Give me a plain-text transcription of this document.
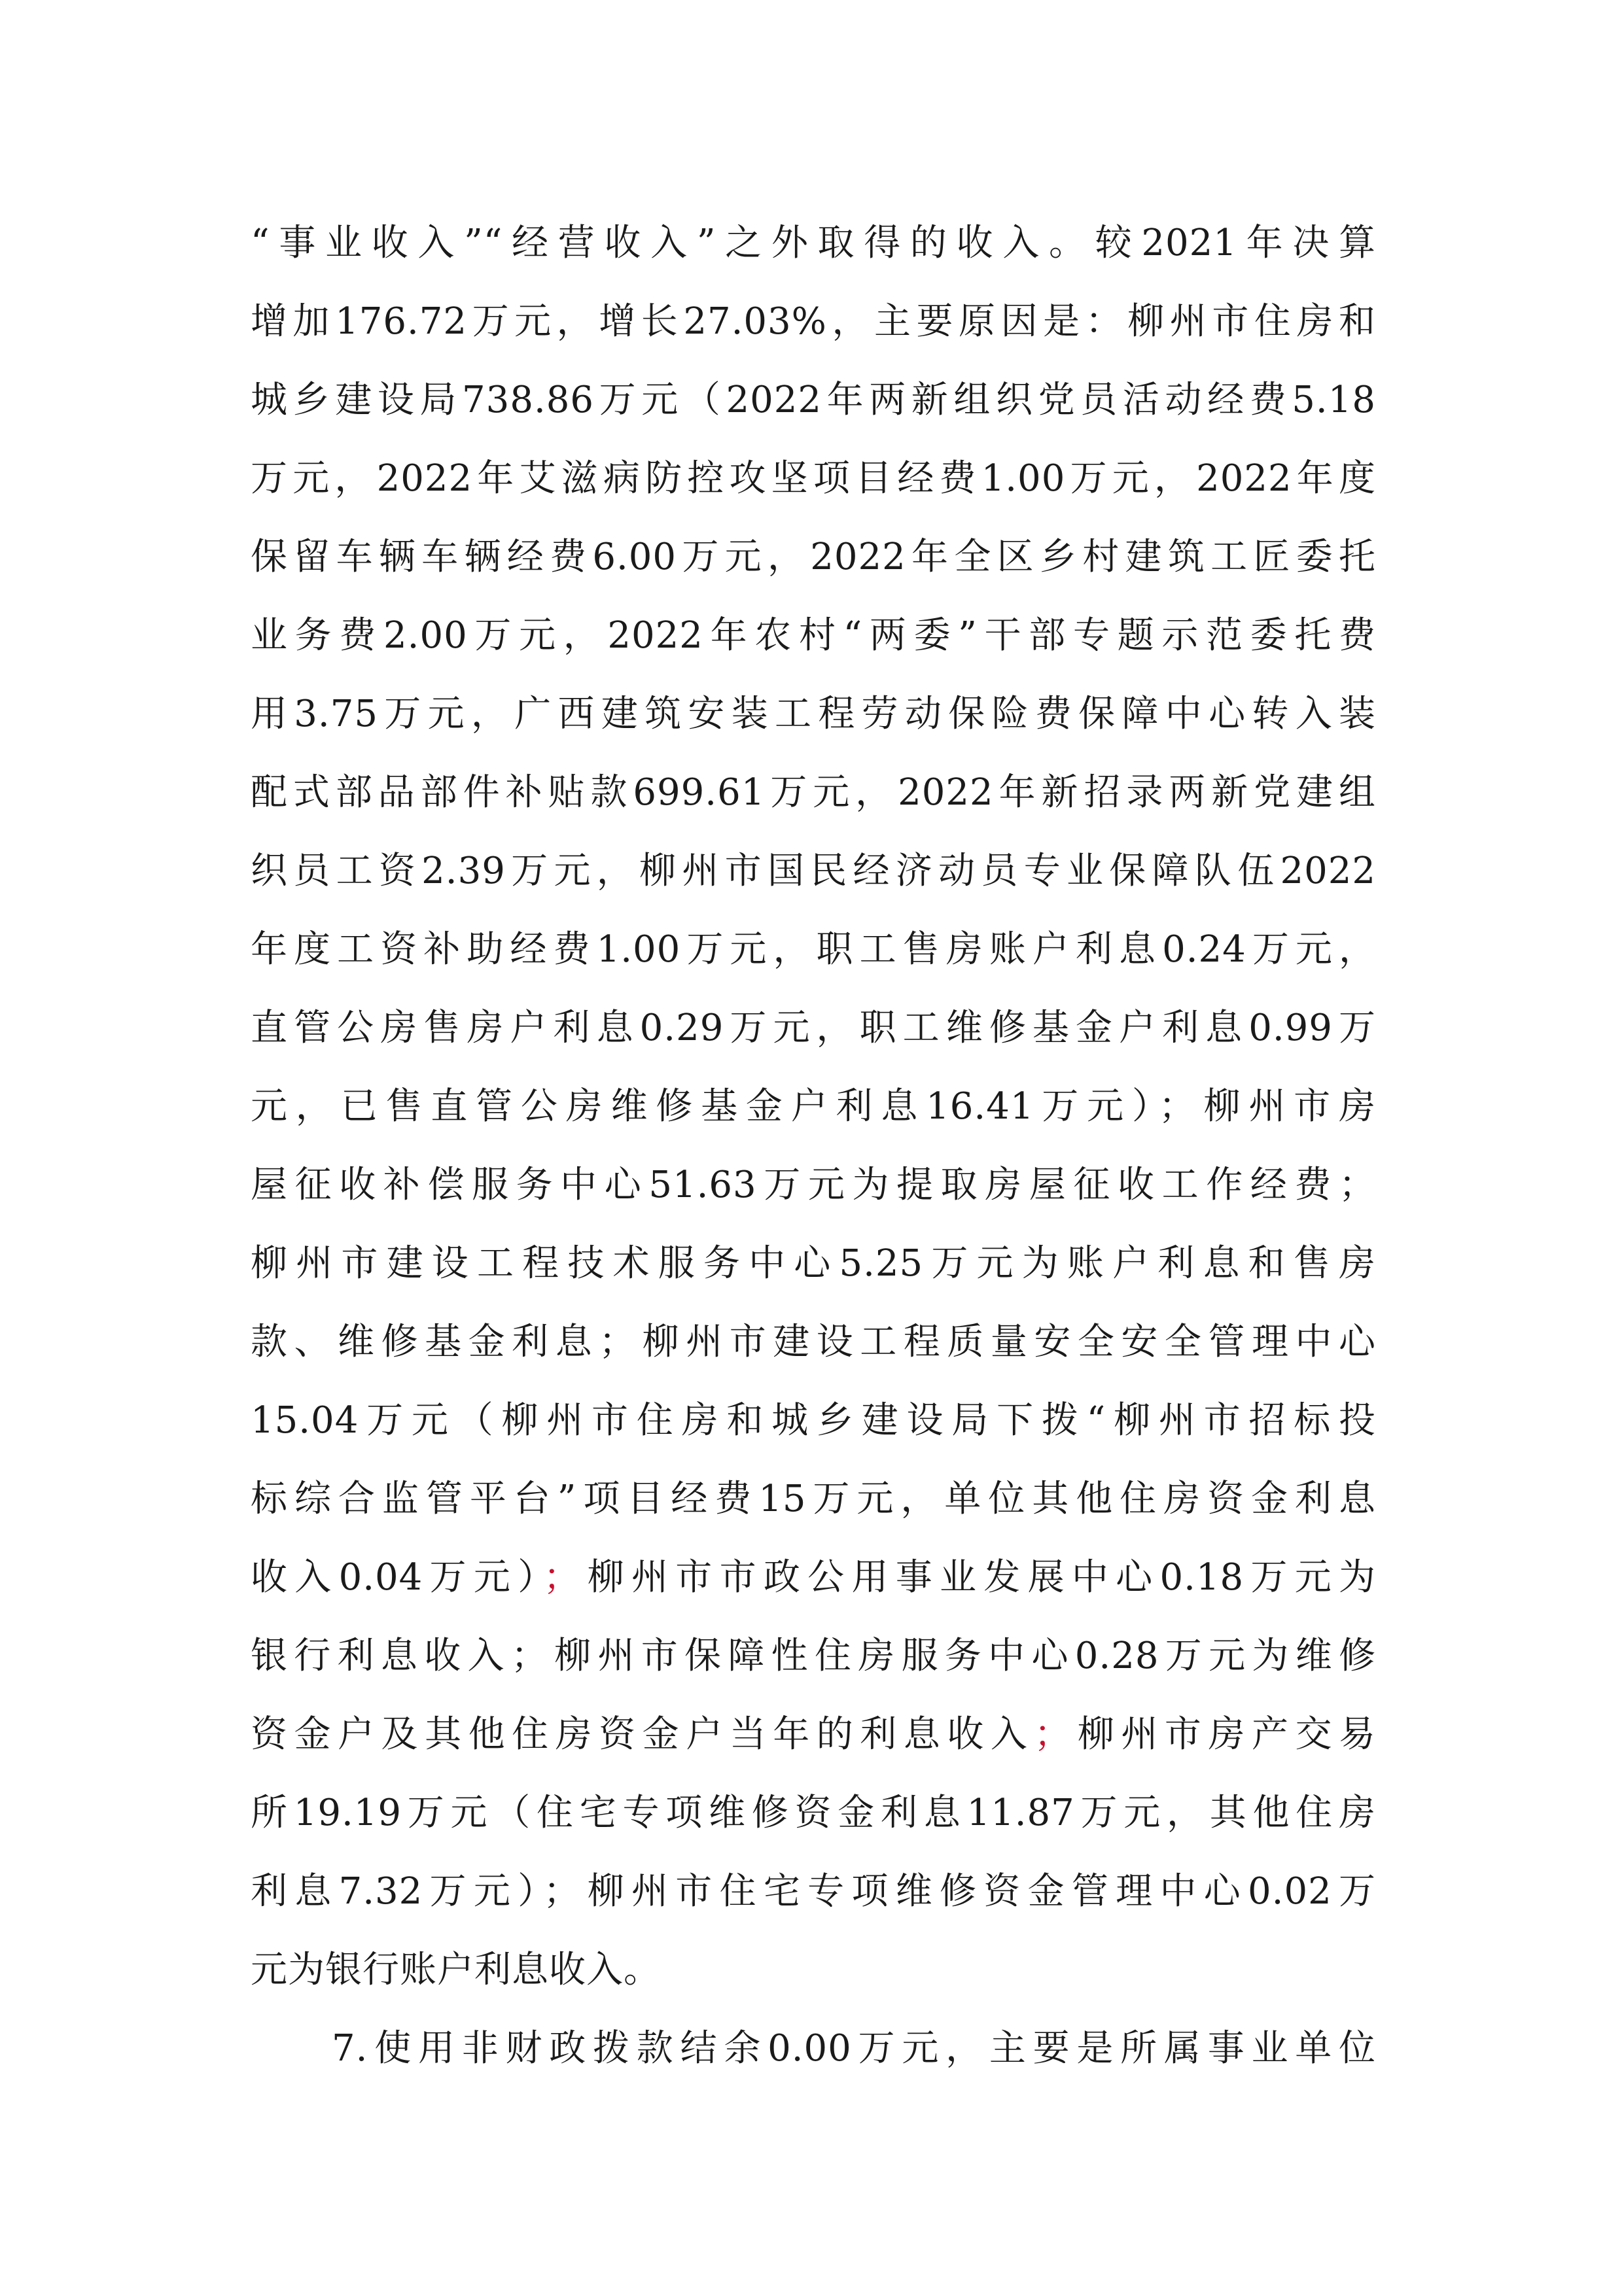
“事业收入”“经营收入”之外取得的收入。较2021年决算
增加176.72万元，增长27.03%，主要原因是：柳州市住房和
城乡建设局738.86万元（2022年两新组织党员活动经费5.18
万元，2022年艾滋病防控攻坚项目经费1.00万元，2022年度
保留车辆车辆经费6.00万元，2022年全区乡村建筑工匠委托
业务费2.00万元，2022年农村“两委”干部专题示范委托费
用3.75万元，广西建筑安装工程劳动保险费保障中心转入装
配式部品部件补贴款699.61万元，2022年新招录两新党建组
织员工资2.39万元，柳州市国民经济动员专业保障队伍2022
年度工资补助经费1.00万元，职工售房账户利息0.24万元，
直管公房售房户利息0.29万元，职工维修基金户利息0.99万
元，已售直管公房维修基金户利息16.41万元）；柳州市房
屋征收补偿服务中心51.63万元为提取房屋征收工作经费；
柳州市建设工程技术服务中心5.25万元为账户利息和售房
款、维修基金利息；柳州市建设工程质量安全安全管理中心
15.04万元（柳州市住房和城乡建设局下拨“柳州市招标投
标综合监管平台”项目经费15万元，单位其他住房资金利息
收入0.04万元）；柳州市市政公用事业发展中心0.18万元为
银行利息收入；柳州市保障性住房服务中心0.28万元为维修
资金户及其他住房资金户当年的利息收入；柳州市房产交易
所19.19万元（住宅专项维修资金利息11.87万元，其他住房
利息7.32万元）；柳州市住宅专项维修资金管理中心0.02万
元为银行账户利息收入。
7.使用非财政拨款结余0.00万元，主要是所属事业单位
